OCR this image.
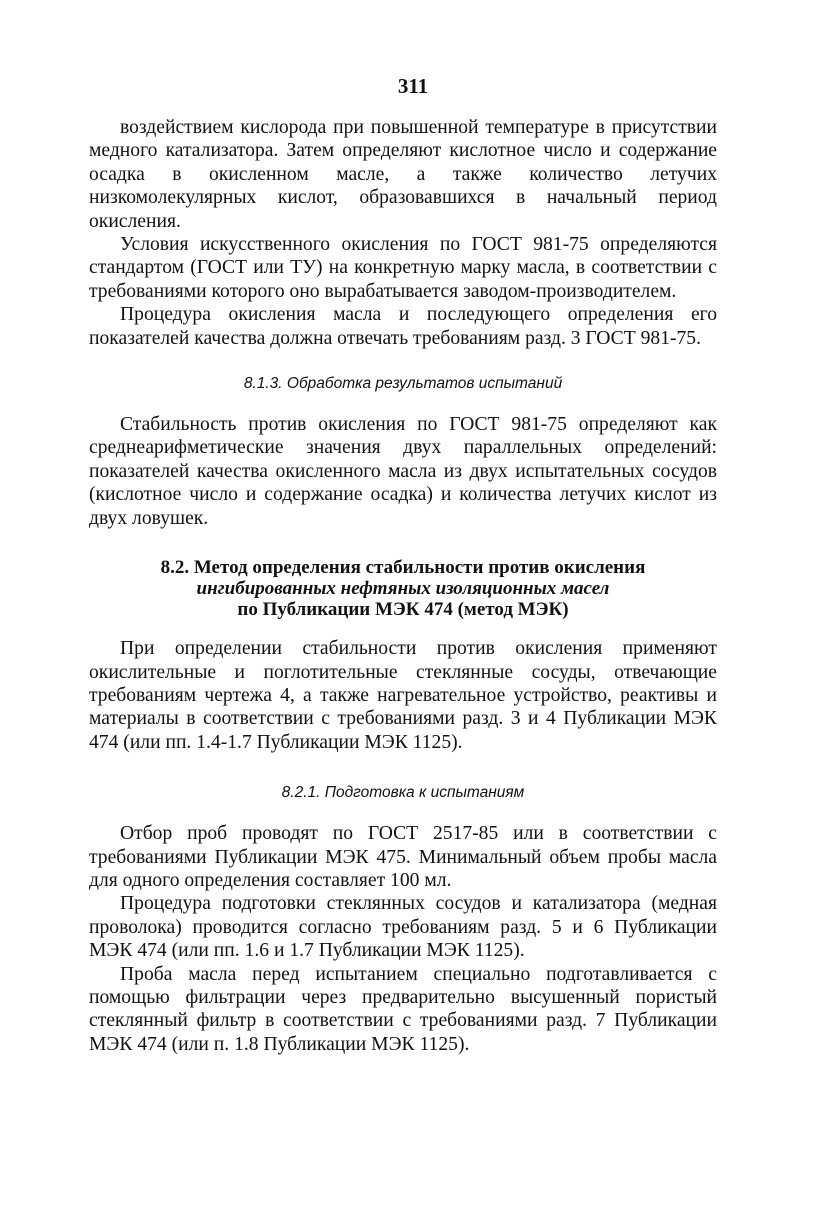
311

воздействием кислорода при повышенной температуре в присутствии медного катализатора. Затем определяют кислотное число и содержание осадка в окисленном масле, а также количество летучих низкомолекулярных кислот, образовавшихся в начальный период окисления.

Условия искусственного окисления по ГОСТ 981-75 определяются стандартом (ГОСТ или ТУ) на конкретную марку масла, в соответствии с требованиями которого оно вырабатывается заводом-производителем.

Процедура окисления масла и последующего определения его показателей качества должна отвечать требованиям разд. 3 ГОСТ 981-75.

8.1.3. Обработка результатов испытаний

Стабильность против окисления по ГОСТ 981-75 определяют как среднеарифметические значения двух параллельных определений: показателей качества окисленного масла из двух испытательных сосудов (кислотное число и содержание осадка) и количества летучих кислот из двух ловушек.

8.2. Метод определения стабильности против окисления
ингибированных нефтяных изоляционных масел
по Публикации МЭК 474 (метод МЭК)

При определении стабильности против окисления применяют окислительные и поглотительные стеклянные сосуды, отвечающие требованиям чертежа 4, а также нагревательное устройство, реактивы и материалы в соответствии с требованиями разд. 3 и 4 Публикации МЭК 474 (или пп. 1.4-1.7 Публикации МЭК 1125).

8.2.1. Подготовка к испытаниям

Отбор проб проводят по ГОСТ 2517-85 или в соответствии с требованиями Публикации МЭК 475. Минимальный объем пробы масла для одного определения составляет 100 мл.

Процедура подготовки стеклянных сосудов и катализатора (медная проволока) проводится согласно требованиям разд. 5 и 6 Публикации МЭК 474 (или пп. 1.6 и 1.7 Публикации МЭК 1125).

Проба масла перед испытанием специально подготавливается с помощью фильтрации через предварительно высушенный пористый стеклянный фильтр в соответствии с требованиями разд. 7 Публикации МЭК 474 (или п. 1.8 Публикации МЭК 1125).
